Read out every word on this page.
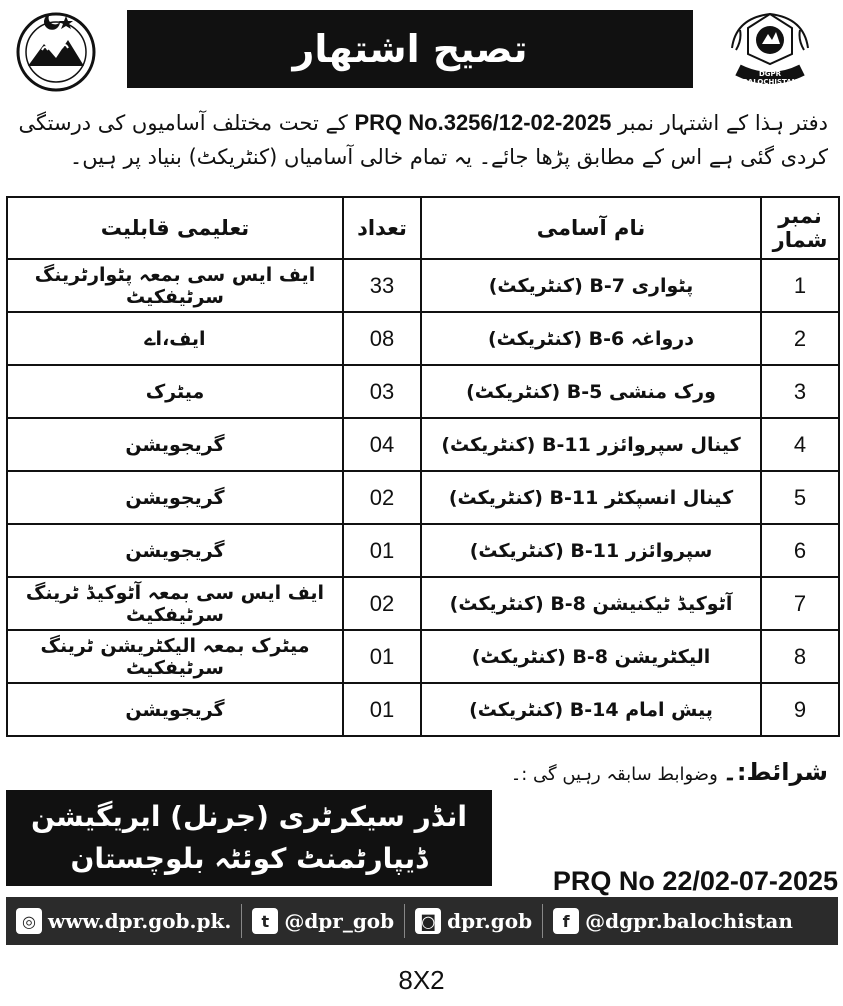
تصیح اشتھار
DGPR BALOCHISTAN
دفتر ہذا کے اشتہار نمبر PRQ No.3256/12-02-2025 کے تحت مختلف آسامیوں کی درستگی کردی گئی ہے اس کے مطابق پڑھا جائے۔ یہ تمام خالی آسامیاں (کنٹریکٹ) بنیاد پر ہیں۔
نمبر شمار	نام آسامی	تعداد	تعلیمی قابلیت
1	پٹواری B-7 (کنٹریکٹ)	33	ایف ایس سی بمعہ پٹوارٹرینگ سرٹیفکیٹ
2	درواغہ B-6 (کنٹریکٹ)	08	ایف،اے
3	ورک منشی B-5 (کنٹریکٹ)	03	میٹرک
4	کینال سپروائزر B-11 (کنٹریکٹ)	04	گریجویشن
5	کینال انسپکٹر B-11 (کنٹریکٹ)	02	گریجویشن
6	سپروائزر B-11 (کنٹریکٹ)	01	گریجویشن
7	آٹوکیڈ ٹیکنیشن B-8 (کنٹریکٹ)	02	ایف ایس سی بمعہ آٹوکیڈ ٹرینگ سرٹیفکیٹ
8	الیکٹریشن B-8 (کنٹریکٹ)	01	میٹرک بمعہ الیکٹریشن ٹرینگ سرٹیفکیٹ
9	پیش امام B-14 (کنٹریکٹ)	01	گریجویشن
شرائط:۔ وضوابط سابقہ رہیں گی :۔
انڈر سیکرٹری (جرنل) ایریگیشن
ڈیپارٹمنٹ کوئٹہ بلوچستان
PRQ No 22/02-07-2025
◎ www.dpr.gob.pk.	t @dpr_gob	◙ dpr.gob	f @dgpr.balochistan
8X2
